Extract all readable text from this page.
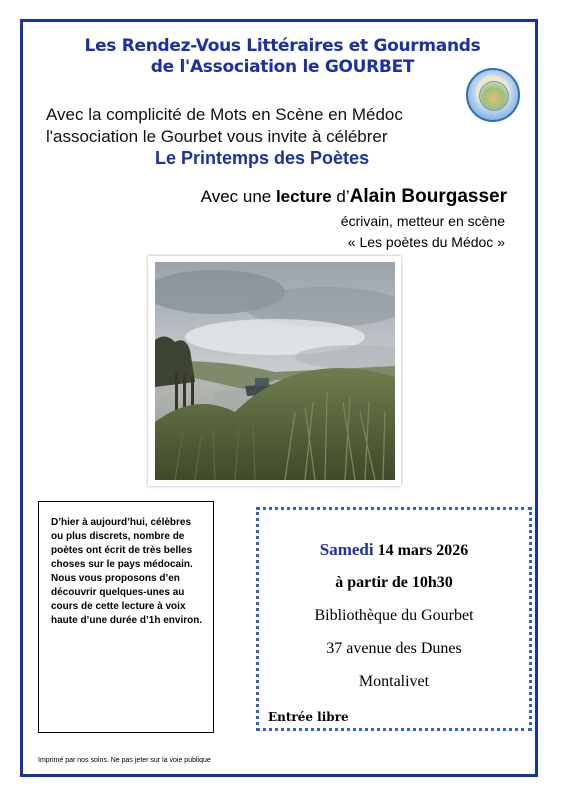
Les Rendez-Vous Littéraires et Gourmands
de l'Association le GOURBET
Avec la complicité de Mots en Scène en Médoc
l'association le Gourbet vous invite à célébrer
Le Printemps des Poètes
Avec une lecture d’Alain Bourgasser
écrivain, metteur en scène
« Les poètes du Médoc »

D’hier à aujourd’hui, célèbres ou plus discrets, nombre de poètes ont écrit de très belles choses sur le pays médocain.

Nous vous proposons d’en découvrir quelques-unes au cours de cette lecture à voix haute d’une durée d’1h environ.

Samedi 14 mars 2026
à partir de 10h30
Bibliothèque du Gourbet
37 avenue des Dunes
Montalivet
Entrée libre
Imprimé par nos soins. Ne pas jeter sur la voie publique
